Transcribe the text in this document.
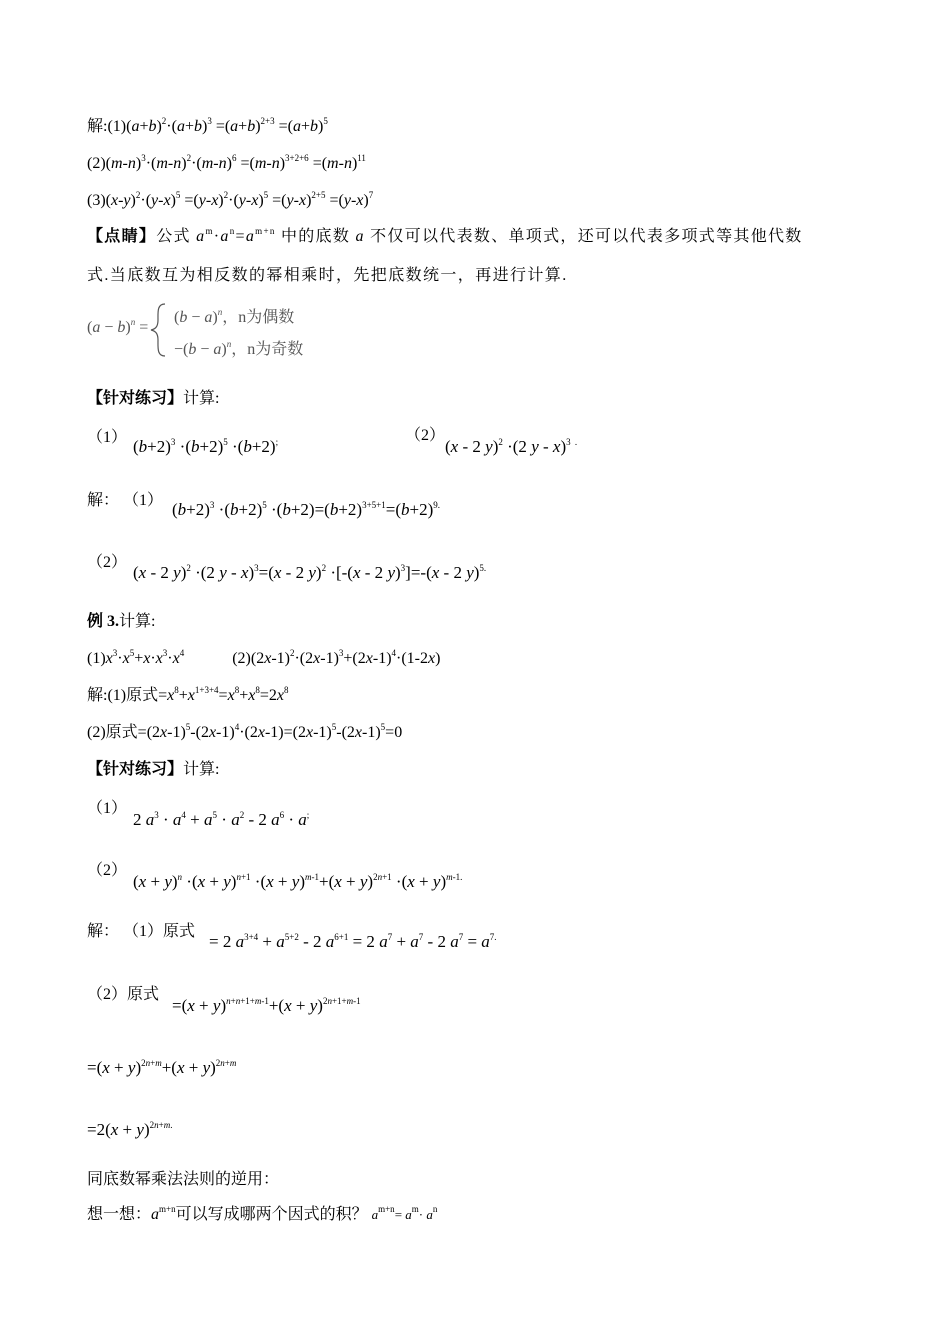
解$:(1)(a+b)^2\cdot(a+b)^3 =(a+b)^{2+3} =(a+b)^5$
$(2)(m-n)^3\cdot(m-n)^2\cdot(m-n)^6 =(m-n)^{3+2+6} =(m-n)^{11}$
$(3)(x-y)^2\cdot(y-x)^5 =(y-x)^2\cdot(y-x)^5 =(y-x)^{2+5} =(y-x)^7$
【点睛】公式 $a^m\cdot a^n=a^{m+n}$ 中的底数 a 不仅可以代表数、单项式，还可以代表多项式等其他代数
式.当底数互为相反数的幂相乘时，先把底数统一，再进行计算.
$(a - b)^n$ =
$(b - a)^n$，n为偶数
$-(b - a)^n$，n为奇数
【针对练习】计算:
（1） $(b+2)^3 \cdot(b+2)^5 \cdot(b+2)^;$	（2）
(x - 2 y)$^2$ ·(2 y - x)$^3$ .
解： （1） $(b+2)^3 \cdot(b+2)^5 \cdot(b+2)=(b+2)^{3+5+1}=(b+2)^{9.}$
（2）
(x - 2 y)$^2$ ·(2 y - x)$^3$=(x - 2 y)$^2$ ·[-(x - 2 y)$^3$]=-(x - 2 y)$^{5.}$
例 3.计算:
$(1)x^3\cdot x^5+x\cdot x^3\cdot x^4$	$(2)(2x-1)^2\cdot(2x-1)^3+(2x-1)^4\cdot(1-2x)$
解:(1)原式$=x^8+x^{1+3+4}=x^8+x^8=2x^8$
(2)原式$=(2x-1)^5-(2x-1)^4\cdot(2x-1)=(2x-1)^5-(2x-1)^5=0$
【针对练习】计算:
（1）
2 $a^3 \cdot a^4 + a^5 \cdot a^2 - 2$ $a^6 \cdot a^;$
（2）
$(x + y)^n \cdot(x + y)^{n+1} \cdot(x + y)^{m-1}+(x + y)^{2n+1} \cdot(x + y)^{m-1.}$
解： （1）原式
= 2 $a^{3+4} + a^{5+2} - 2$ $a^{6+1} = 2$ $a^7 + a^7 - 2$ $a^7 = a^{7.}$
（2）原式
$=(x + y)^{n+n+1+m-1}+(x + y)^{2n+1+m-1}$
$=(x + y)^{2n+m}+(x + y)^{2n+m}$
$=2(x + y)^{2n+m.}$
同底数幂乘法法则的逆用：
想一想：$a^{m+n}$可以写成哪两个因式的积？ $a^{m+n}= a^m\cdot a^n$
